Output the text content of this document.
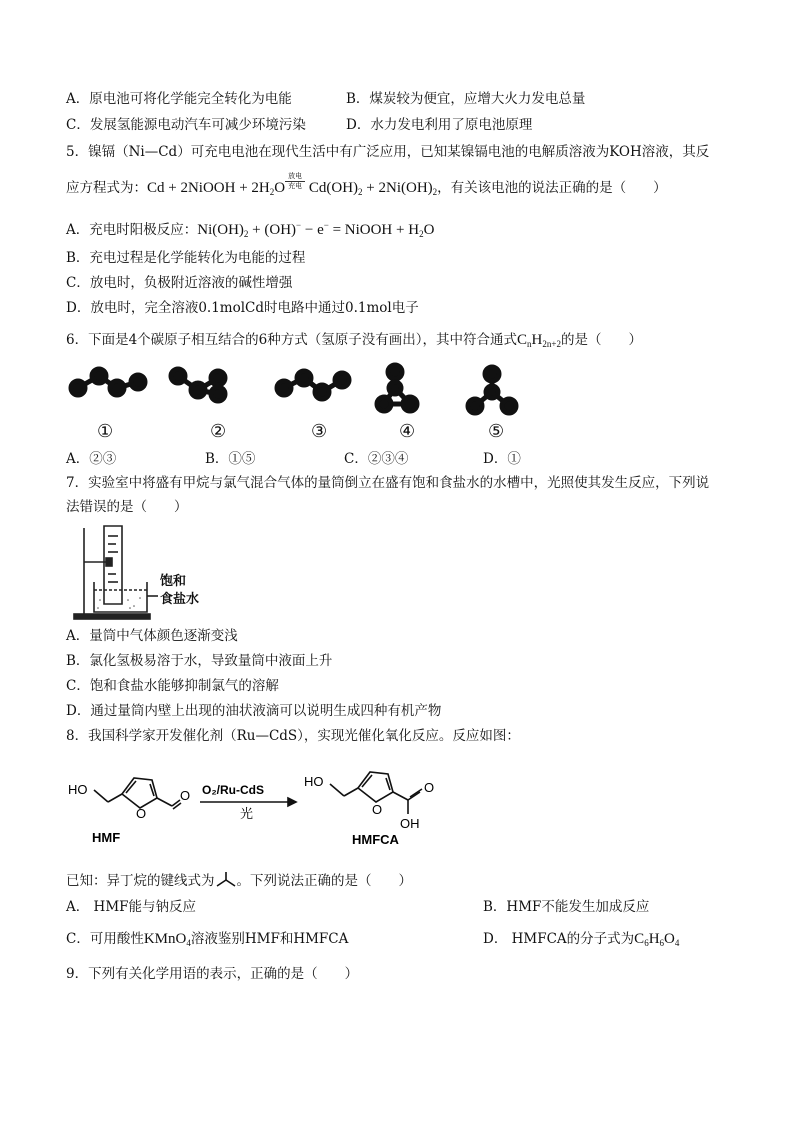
A．原电池可将化学能完全转化为电能	B．煤炭较为便宜，应增大火力发电总量
C．发展氢能源电动汽车可减少环境污染	D．水力发电利用了原电池原理
5．镍镉（Ni—Cd）可充电电池在现代生活中有广泛应用，已知某镍镉电池的电解质溶液为KOH溶液，其反
应方程式为：Cd + 2NiOOH + $2H_2O$
放电
充电 $Cd(OH)_2 + 2Ni(OH)_2$，有关该电池的说法正确的是（　　）
A．充电时阳极反应：$Ni(OH)_2 + (OH)^- - e^-$ = NiOOH + $H_2O$
B．充电过程是化学能转化为电能的过程
C．放电时，负极附近溶液的碱性增强
D．放电时，完全溶液0.1molCd时电路中通过0.1mol电子
6．下面是4个碳原子相互结合的6种方式（氢原子没有画出），其中符合通式$C_nH_{2n+2}$的是（　　）
①	②	③	④	⑤
A．②③	B．①⑤	C．②③④	D．①
7．实验室中将盛有甲烷与氯气混合气体的量筒倒立在盛有饱和食盐水的水槽中，光照使其发生反应，下列说
法错误的是（　　）
饱和
食盐水
A．量筒中气体颜色逐渐变浅
B．氯化氢极易溶于水，导致量筒中液面上升
C．饱和食盐水能够抑制氯气的溶解
D．通过量筒内壁上出现的油状液滴可以说明生成四种有机产物
8．我国科学家开发催化剂（Ru—CdS），实现光催化氧化反应。反应如图：
HO
O
O
HMF
O₂/Ru-CdS
光
HO
O
O
OH
HMFCA
已知：异丁烷的键线式为 。下列说法正确的是（　　）
A． HMF能与钠反应	B．HMF不能发生加成反应
C．可用酸性KMnO$_4$溶液鉴别HMF和HMFCA	D． HMFCA的分子式为$C_6H_6O_4$
9．下列有关化学用语的表示，正确的是（　　）
